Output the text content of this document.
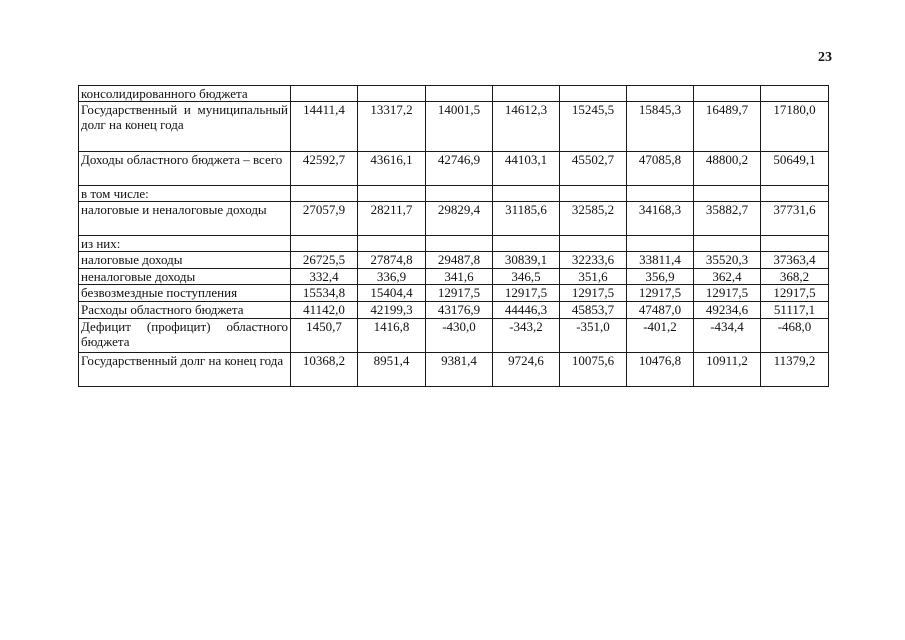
23
консолидированного бюджета								
Государственный и муниципальный долг на конец года	14411,4	13317,2	14001,5	14612,3	15245,5	15845,3	16489,7	17180,0
Доходы областного бюджета – всего	42592,7	43616,1	42746,9	44103,1	45502,7	47085,8	48800,2	50649,1
в том числе:								
налоговые и неналоговые доходы	27057,9	28211,7	29829,4	31185,6	32585,2	34168,3	35882,7	37731,6
из них:								
налоговые доходы	26725,5	27874,8	29487,8	30839,1	32233,6	33811,4	35520,3	37363,4
неналоговые доходы	332,4	336,9	341,6	346,5	351,6	356,9	362,4	368,2
безвозмездные поступления	15534,8	15404,4	12917,5	12917,5	12917,5	12917,5	12917,5	12917,5
Расходы областного бюджета	41142,0	42199,3	43176,9	44446,3	45853,7	47487,0	49234,6	51117,1
Дефицит (профицит) областного бюджета	1450,7	1416,8	-430,0	-343,2	-351,0	-401,2	-434,4	-468,0
Государственный долг на конец года	10368,2	8951,4	9381,4	9724,6	10075,6	10476,8	10911,2	11379,2
